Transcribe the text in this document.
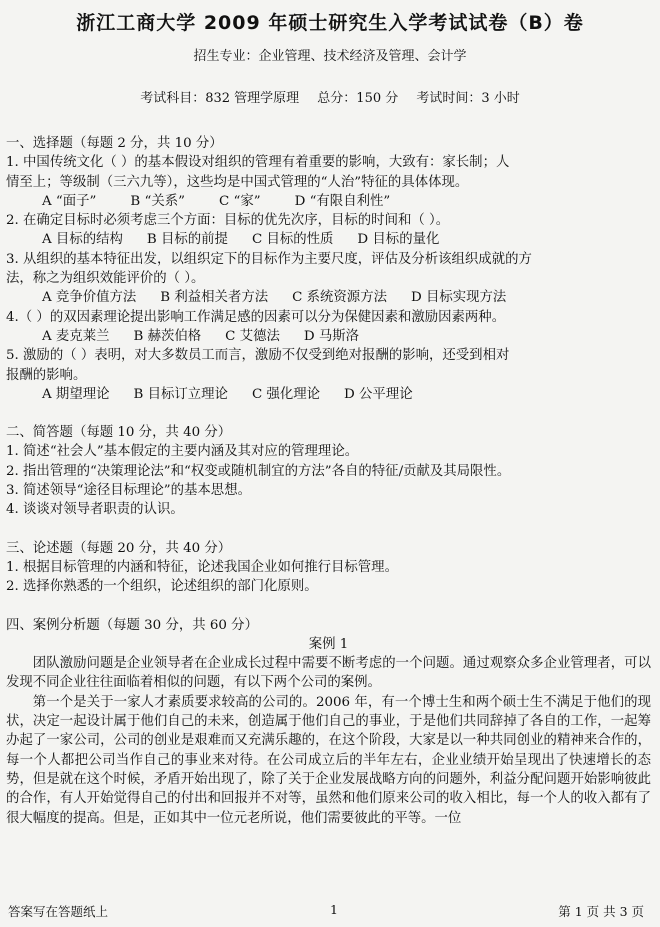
浙江工商大学 2009 年硕士研究生入学考试试卷（B）卷
招生专业：企业管理、技术经济及管理、会计学
考试科目：832 管理学原理 总分：150 分 考试时间：3 小时

一、选择题（每题 2 分，共 10 分）

1. 中国传统文化（ ）的基本假设对组织的管理有着重要的影响，大致有：家长制；人

情至上；等级制（三六九等），这些均是中国式管理的“人治”特征的具体体现。

A “面子”	B “关系”	C “家”	D “有限自利性”

2. 在确定目标时必须考虑三个方面：目标的优先次序，目标的时间和（ ）。

A 目标的结构 B 目标的前提 C 目标的性质 D 目标的量化

3. 从组织的基本特征出发，以组织定下的目标作为主要尺度，评估及分析该组织成就的方

法，称之为组织效能评价的（ ）。

A 竞争价值方法 B 利益相关者方法 C 系统资源方法 D 目标实现方法

4.（ ）的双因素理论提出影响工作满足感的因素可以分为保健因素和激励因素两种。

A 麦克莱兰 B 赫茨伯格 C 艾德法 D 马斯洛

5. 激励的（ ）表明，对大多数员工而言，激励不仅受到绝对报酬的影响，还受到相对

报酬的影响。

A 期望理论 B 目标订立理论 C 强化理论 D 公平理论

二、简答题（每题 10 分，共 40 分）

1. 简述“社会人”基本假定的主要内涵及其对应的管理理论。

2. 指出管理的“决策理论法”和“权变或随机制宜的方法”各自的特征/贡献及其局限性。

3. 简述领导“途径目标理论”的基本思想。

4. 谈谈对领导者职责的认识。

三、论述题（每题 20 分，共 40 分）

1. 根据目标管理的内涵和特征，论述我国企业如何推行目标管理。

2. 选择你熟悉的一个组织，论述组织的部门化原则。

四、案例分析题（每题 30 分，共 60 分）

案例 1

团队激励问题是企业领导者在企业成长过程中需要不断考虑的一个问题。通过观察众多企业管理者，可以发现不同企业往往面临着相似的问题，有以下两个公司的案例。

第一个是关于一家人才素质要求较高的公司的。2006 年，有一个博士生和两个硕士生不满足于他们的现状，决定一起设计属于他们自己的未来，创造属于他们自己的事业，于是他们共同辞掉了各自的工作，一起筹办起了一家公司，公司的创业是艰难而又充满乐趣的，在这个阶段，大家是以一种共同创业的精神来合作的，每一个人都把公司当作自己的事业来对待。在公司成立后的半年左右，企业业绩开始呈现出了快速增长的态势，但是就在这个时候，矛盾开始出现了，除了关于企业发展战略方向的问题外，利益分配问题开始影响彼此的合作，有人开始觉得自己的付出和回报并不对等，虽然和他们原来公司的收入相比，每一个人的收入都有了很大幅度的提高。但是，正如其中一位元老所说，他们需要彼此的平等。一位

答案写在答题纸上	1	第 1 页 共 3 页
